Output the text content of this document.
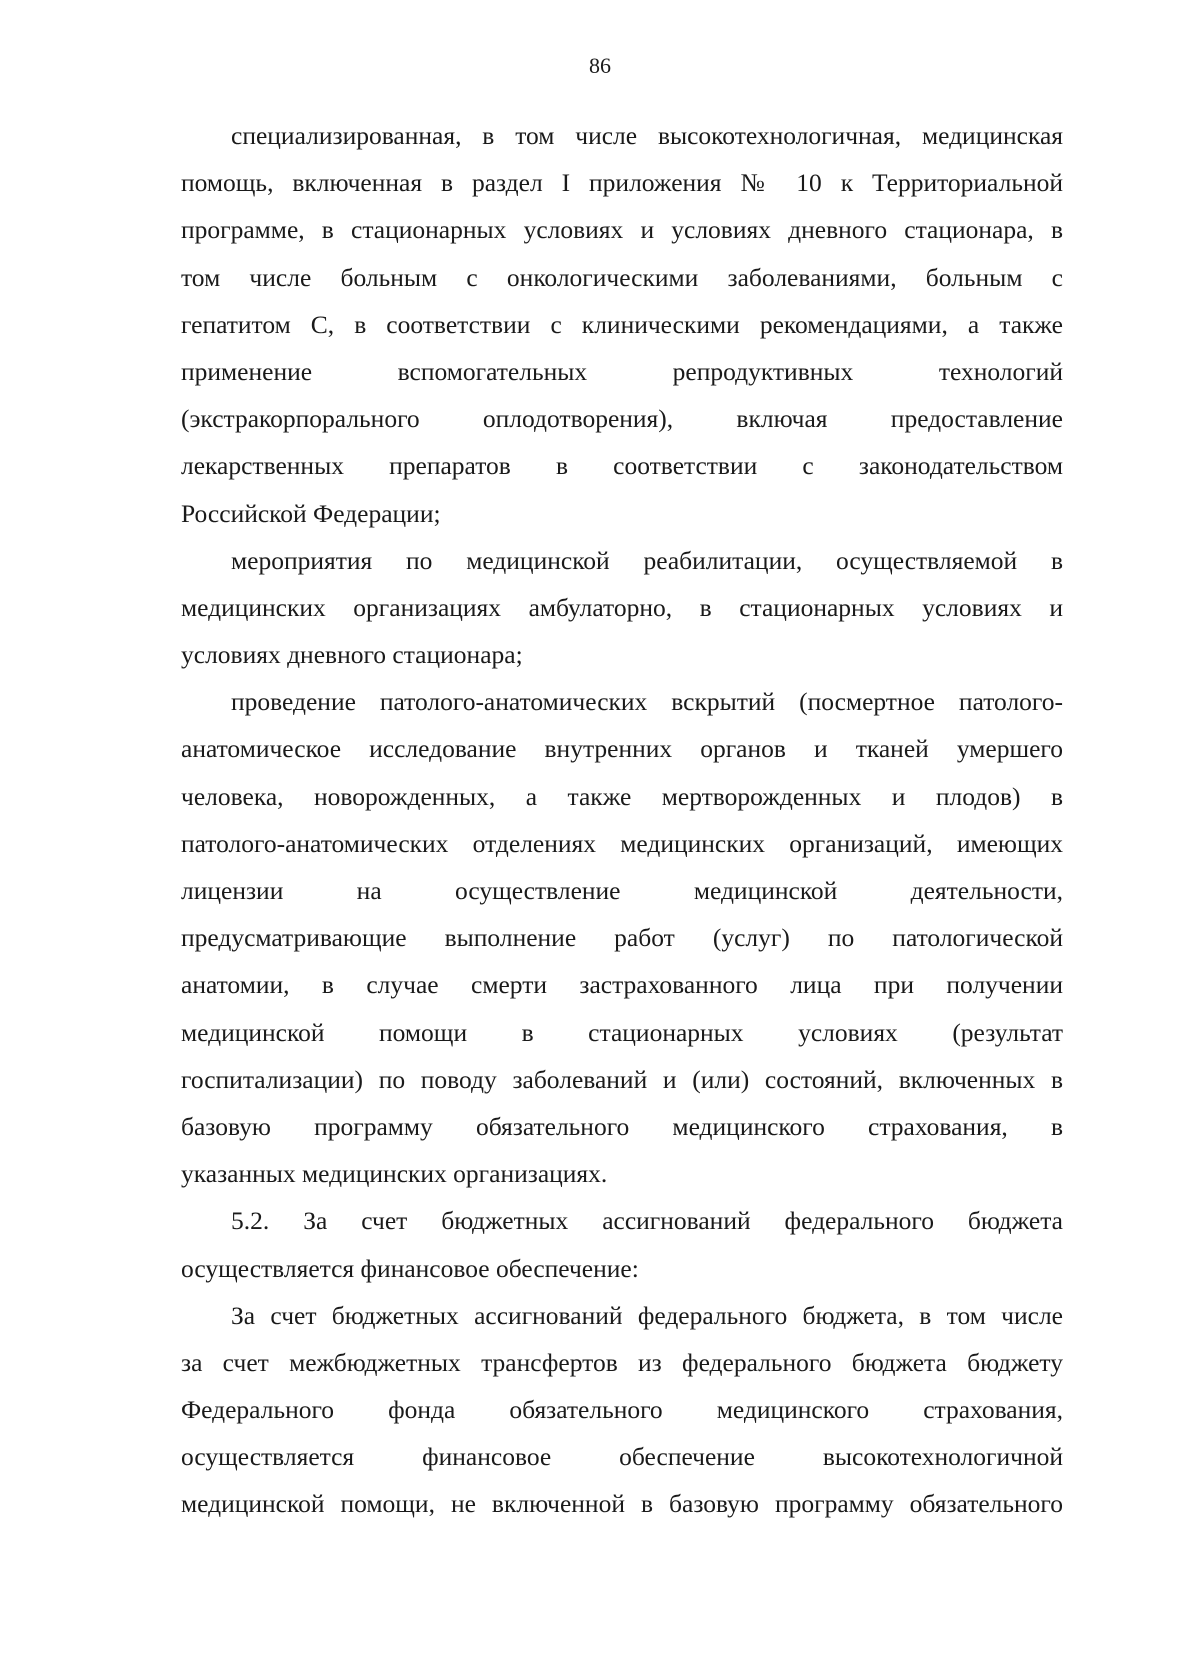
86
специализированная, в том числе высокотехнологичная, медицинская
помощь, включенная в раздел I приложения № 10 к Территориальной
программе, в стационарных условиях и условиях дневного стационара, в
том числе больным с онкологическими заболеваниями, больным с
гепатитом C, в соответствии с клиническими рекомендациями, а также
применение вспомогательных репродуктивных технологий
(экстракорпорального оплодотворения), включая предоставление
лекарственных препаратов в соответствии с законодательством
Российской Федерации;
мероприятия по медицинской реабилитации, осуществляемой в
медицинских организациях амбулаторно, в стационарных условиях и
условиях дневного стационара;
проведение патолого-анатомических вскрытий (посмертное патолого-
анатомическое исследование внутренних органов и тканей умершего
человека, новорожденных, а также мертворожденных и плодов) в
патолого-анатомических отделениях медицинских организаций, имеющих
лицензии на осуществление медицинской деятельности,
предусматривающие выполнение работ (услуг) по патологической
анатомии, в случае смерти застрахованного лица при получении
медицинской помощи в стационарных условиях (результат
госпитализации) по поводу заболеваний и (или) состояний, включенных в
базовую программу обязательного медицинского страхования, в
указанных медицинских организациях.
5.2. За счет бюджетных ассигнований федерального бюджета
осуществляется финансовое обеспечение:
За счет бюджетных ассигнований федерального бюджета, в том числе
за счет межбюджетных трансфертов из федерального бюджета бюджету
Федерального фонда обязательного медицинского страхования,
осуществляется финансовое обеспечение высокотехнологичной
медицинской помощи, не включенной в базовую программу обязательного
